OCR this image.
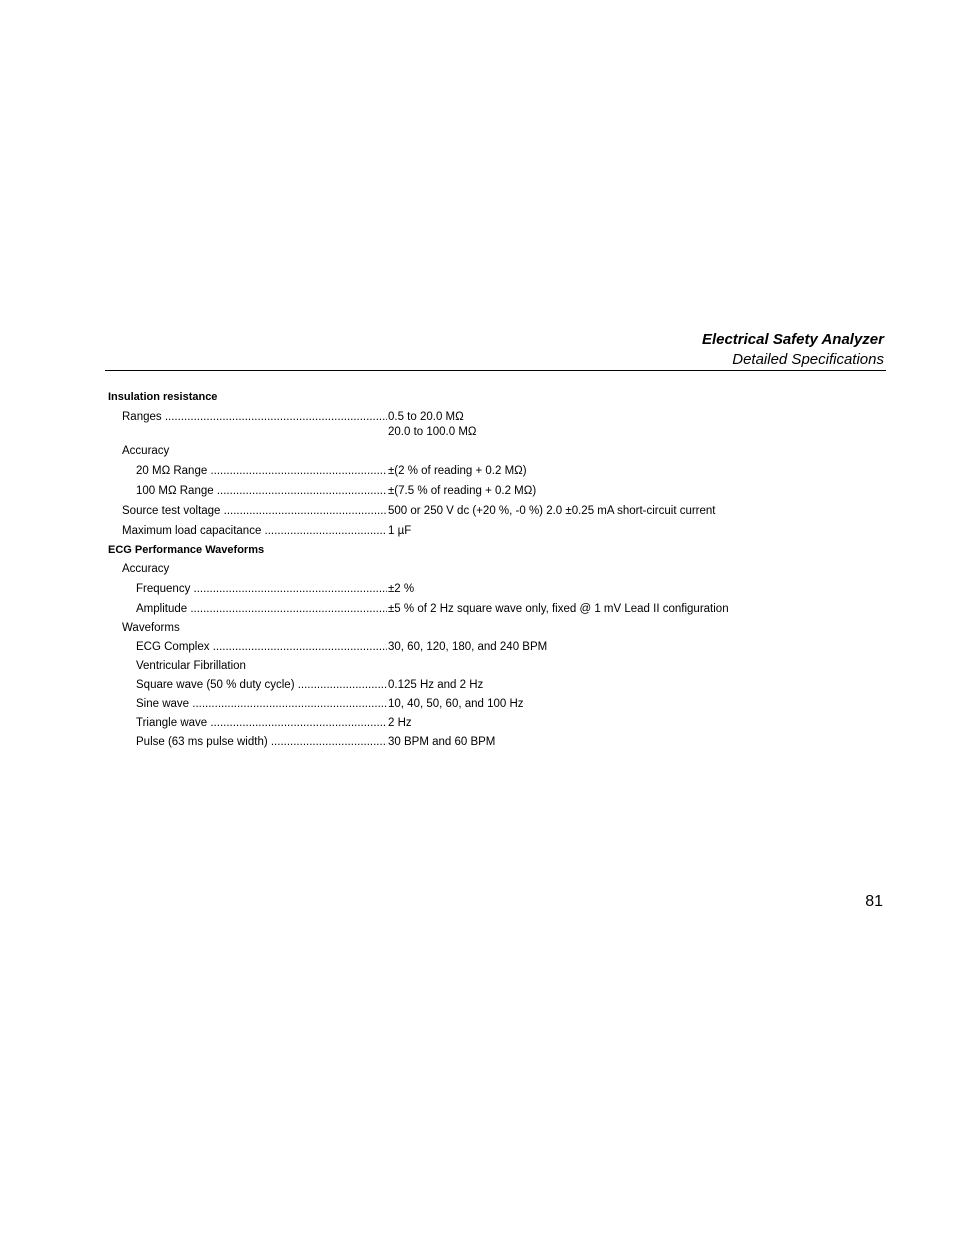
Electrical Safety Analyzer
Detailed Specifications
Insulation resistance
Ranges .....	0.5 to 20.0 MΩ
20.0 to 100.0 MΩ
Accuracy
20 MΩ Range .....	±(2 % of reading + 0.2 MΩ)
100 MΩ Range .....	±(7.5 % of reading + 0.2 MΩ)
Source test voltage .....	500 or 250 V dc (+20 %, -0 %) 2.0 ±0.25 mA short-circuit current
Maximum load capacitance .....	1 µF
ECG Performance Waveforms
Accuracy
Frequency .....	±2 %
Amplitude .....	±5 % of 2 Hz square wave only, fixed @ 1 mV Lead II configuration
Waveforms
ECG Complex .....	30, 60, 120, 180, and 240 BPM
Ventricular Fibrillation
Square wave (50 % duty cycle) .....	0.125 Hz and 2 Hz
Sine wave .....	10, 40, 50, 60, and 100 Hz
Triangle wave .....	2 Hz
Pulse (63 ms pulse width) .....	30 BPM and 60 BPM
81
